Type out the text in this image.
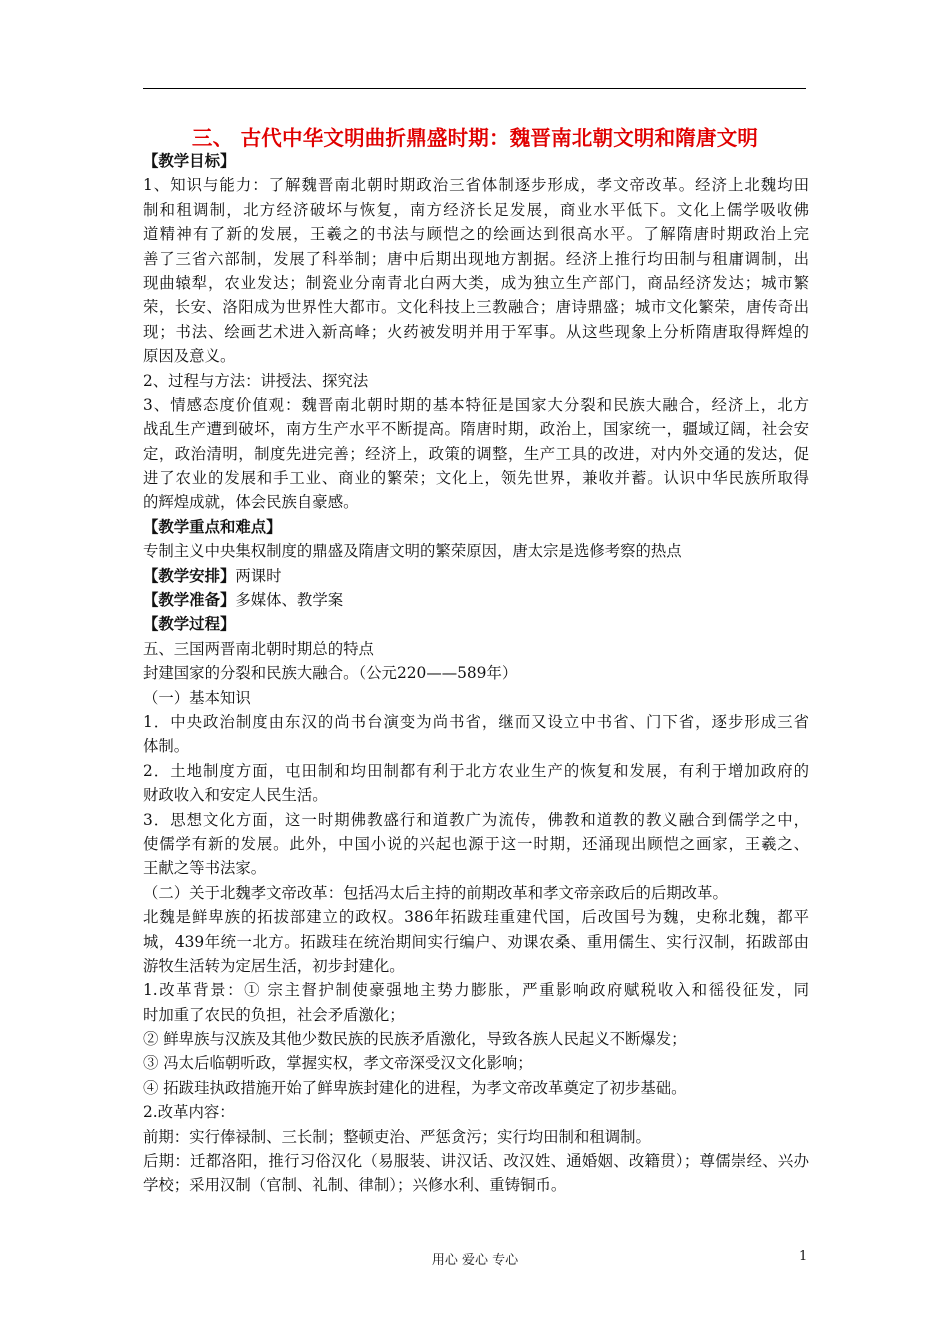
三、 古代中华文明曲折鼎盛时期：魏晋南北朝文明和隋唐文明
【教学目标】
1、知识与能力：了解魏晋南北朝时期政治三省体制逐步形成，孝文帝改革。经济上北魏均田
制和租调制，北方经济破坏与恢复，南方经济长足发展，商业水平低下。文化上儒学吸收佛
道精神有了新的发展，王羲之的书法与顾恺之的绘画达到很高水平。了解隋唐时期政治上完
善了三省六部制，发展了科举制；唐中后期出现地方割据。经济上推行均田制与租庸调制，出
现曲辕犁，农业发达；制瓷业分南青北白两大类，成为独立生产部门，商品经济发达；城市繁
荣，长安、洛阳成为世界性大都市。文化科技上三教融合；唐诗鼎盛；城市文化繁荣，唐传奇出
现；书法、绘画艺术进入新高峰；火药被发明并用于军事。从这些现象上分析隋唐取得辉煌的
原因及意义。
2、过程与方法：讲授法、探究法
3、情感态度价值观：魏晋南北朝时期的基本特征是国家大分裂和民族大融合，经济上，北方
战乱生产遭到破坏，南方生产水平不断提高。隋唐时期，政治上，国家统一，疆域辽阔，社会安
定，政治清明，制度先进完善；经济上，政策的调整，生产工具的改进，对内外交通的发达，促
进了农业的发展和手工业、商业的繁荣；文化上，领先世界，兼收并蓄。认识中华民族所取得
的辉煌成就，体会民族自豪感。
【教学重点和难点】
专制主义中央集权制度的鼎盛及隋唐文明的繁荣原因，唐太宗是选修考察的热点
【教学安排】两课时
【教学准备】多媒体、教学案
【教学过程】
五、三国两晋南北朝时期总的特点
封建国家的分裂和民族大融合。（公元220——589年）
（一）基本知识
1．中央政治制度由东汉的尚书台演变为尚书省，继而又设立中书省、门下省，逐步形成三省
体制。
2．土地制度方面，屯田制和均田制都有利于北方农业生产的恢复和发展，有利于增加政府的
财政收入和安定人民生活。
3．思想文化方面，这一时期佛教盛行和道教广为流传，佛教和道教的教义融合到儒学之中，
使儒学有新的发展。此外，中国小说的兴起也源于这一时期，还涌现出顾恺之画家，王羲之、
王献之等书法家。
（二）关于北魏孝文帝改革：包括冯太后主持的前期改革和孝文帝亲政后的后期改革。
北魏是鲜卑族的拓拔部建立的政权。386年拓跋珪重建代国，后改国号为魏，史称北魏，都平
城，439年统一北方。拓跋珪在统治期间实行编户、劝课农桑、重用儒生、实行汉制，拓跋部由
游牧生活转为定居生活，初步封建化。
1.改革背景：① 宗主督护制使豪强地主势力膨胀，严重影响政府赋税收入和徭役征发，同
时加重了农民的负担，社会矛盾激化；
② 鲜卑族与汉族及其他少数民族的民族矛盾激化，导致各族人民起义不断爆发；
③ 冯太后临朝听政，掌握实权，孝文帝深受汉文化影响；
④ 拓跋珪执政措施开始了鲜卑族封建化的进程，为孝文帝改革奠定了初步基础。
2.改革内容：
前期：实行俸禄制、三长制；整顿吏治、严惩贪污；实行均田制和租调制。
后期：迁都洛阳，推行习俗汉化（易服装、讲汉话、改汉姓、通婚姻、改籍贯）；尊儒崇经、兴办
学校；采用汉制（官制、礼制、律制）；兴修水利、重铸铜币。
用心 爱心 专心	1
